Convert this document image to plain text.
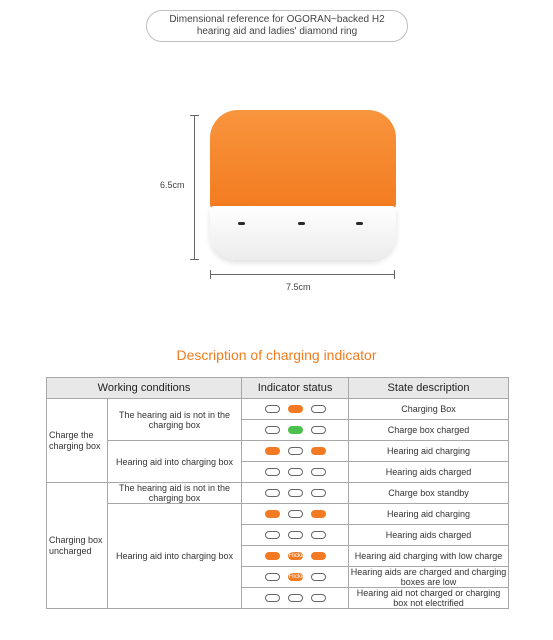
Dimensional reference for OGORAN~backed H2
hearing aid and ladies' diamond ring
6.5cm
7.5cm
Description of charging indicator
Working conditions		Indicator status	State description
Charge the charging box	The hearing aid is not in the charging box		Charging Box

			Charge box charged
	Hearing aid into charging box		Hearing aid charging

			Hearing aids charged
Charging box uncharged	The hearing aid is not in the charging box		Charge box standby
	Hearing aid into charging box		Hearing aid charging

			Hearing aids charged

		Flicker	Hearing aid charging with low charge

		Flicker	Hearing aids are charged and charging boxes are low

			Hearing aid not charged or charging box not electrified
